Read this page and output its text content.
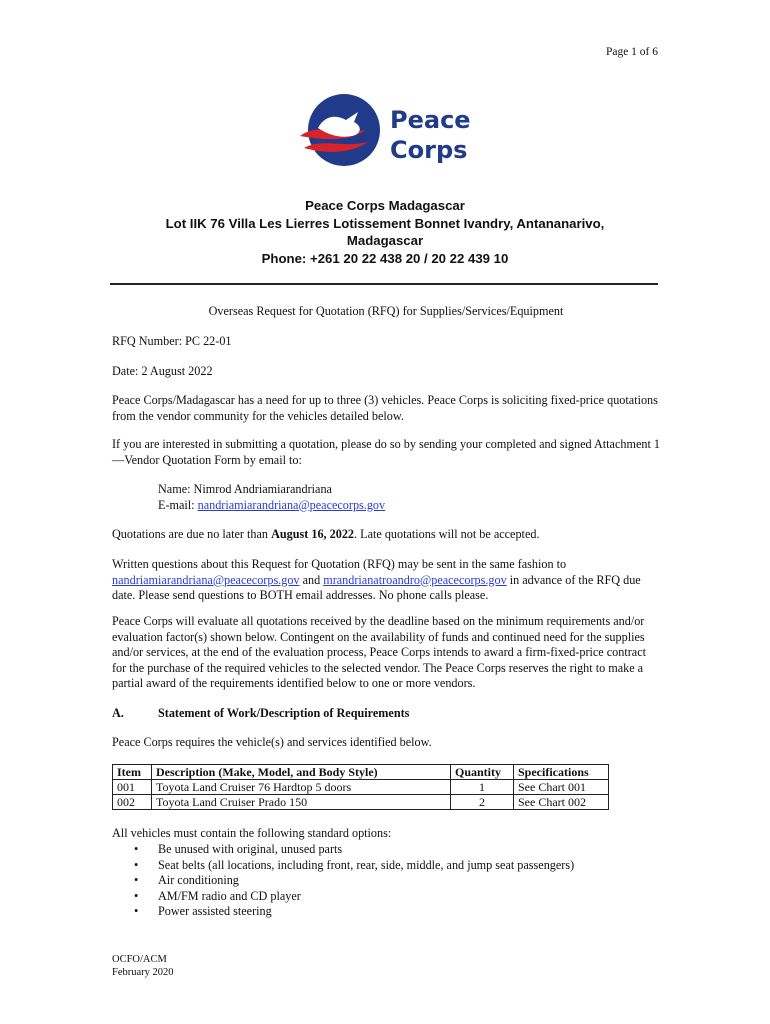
Page 1 of 6
Peace
Corps
Peace Corps Madagascar
Lot IIK 76 Villa Les Lierres Lotissement Bonnet Ivandry, Antananarivo,
Madagascar
Phone: +261 20 22 438 20 / 20 22 439 10
Overseas Request for Quotation (RFQ) for Supplies/Services/Equipment
RFQ Number: PC 22-01
Date: 2 August 2022
Peace Corps/Madagascar has a need for up to three (3) vehicles. Peace Corps is soliciting fixed-price quotations from the vendor community for the vehicles detailed below.
If you are interested in submitting a quotation, please do so by sending your completed and signed Attachment 1—Vendor Quotation Form by email to:
Name: Nimrod Andriamiarandriana
E-mail: nandriamiarandriana@peacecorps.gov
Quotations are due no later than August 16, 2022. Late quotations will not be accepted.
Written questions about this Request for Quotation (RFQ) may be sent in the same fashion to nandriamiarandriana@peacecorps.gov and mrandrianatroandro@peacecorps.gov in advance of the RFQ due date. Please send questions to BOTH email addresses. No phone calls please.
Peace Corps will evaluate all quotations received by the deadline based on the minimum requirements and/or evaluation factor(s) shown below. Contingent on the availability of funds and continued need for the supplies and/or services, at the end of the evaluation process, Peace Corps intends to award a firm-fixed-price contract for the purchase of the required vehicles to the selected vendor. The Peace Corps reserves the right to make a partial award of the requirements identified below to one or more vendors.
A.	Statement of Work/Description of Requirements
Peace Corps requires the vehicle(s) and services identified below.
Item	Description (Make, Model, and Body Style)	Quantity	Specifications
001	Toyota Land Cruiser 76 Hardtop 5 doors	1	See Chart 001
002	Toyota Land Cruiser Prado 150	2	See Chart 002
All vehicles must contain the following standard options:
• Be unused with original, unused parts
• Seat belts (all locations, including front, rear, side, middle, and jump seat passengers)
• Air conditioning
• AM/FM radio and CD player
• Power assisted steering
OCFO/ACM
February 2020
